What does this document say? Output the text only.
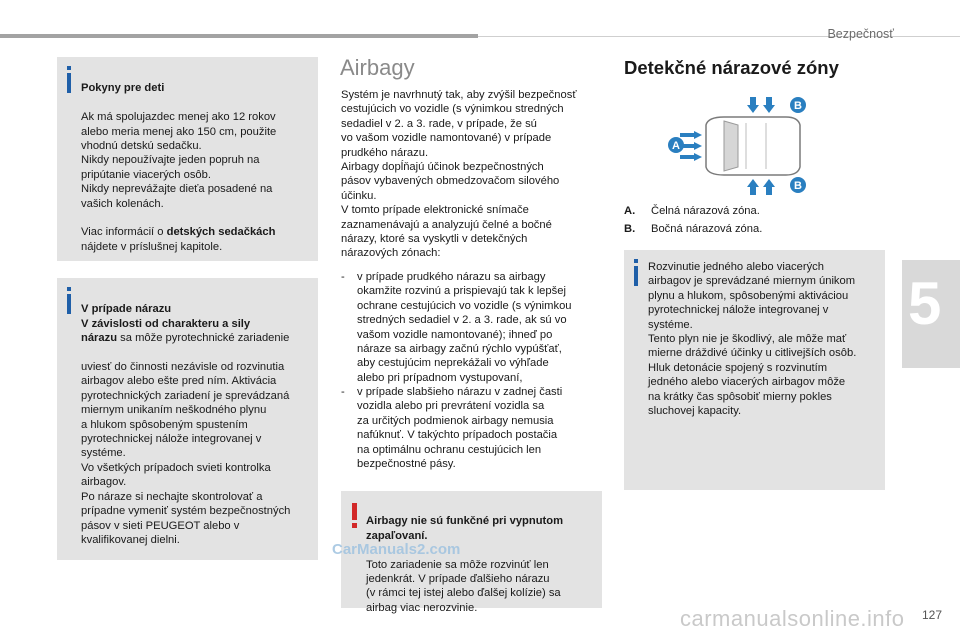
Bezpečnosť
5

Pokyny pre deti

Ak má spolujazdec menej ako 12 rokov
alebo meria menej ako 150 cm, použite
vhodnú detskú sedačku.
Nikdy nepoužívajte jeden popruh na
pripútanie viacerých osôb.
Nikdy neprevážajte dieťa posadené na
vašich kolenách.

Viac informácií o detských sedačkách
nájdete v príslušnej kapitole.

V prípade nárazu
V závislosti od charakteru a sily
nárazu sa môže pyrotechnické zariadenie

uviesť do činnosti nezávisle od rozvinutia
airbagov alebo ešte pred ním. Aktivácia
pyrotechnických zariadení je sprevádzaná
miernym unikaním neškodného plynu
a hlukom spôsobeným spustením
pyrotechnickej nálože integrovanej v
systéme.
Vo všetkých prípadoch svieti kontrolka
airbagov.
Po náraze si nechajte skontrolovať a
prípadne vymeniť systém bezpečnostných
pásov v sieti PEUGEOT alebo v
kvalifikovanej dielni.

Airbagy
Systém je navrhnutý tak, aby zvýšil bezpečnosť
cestujúcich vo vozidle (s výnimkou stredných
sedadiel v 2. a 3. rade, v prípade, že sú
vo vašom vozidle namontované) v prípade
prudkého nárazu.
Airbagy dopĺňajú účinok bezpečnostných
pásov vybavených obmedzovačom silového
účinku.
V tomto prípade elektronické snímače
zaznamenávajú a analyzujú čelné a bočné
nárazy, ktoré sa vyskytli v detekčných
nárazových zónach:
- v prípade prudkého nárazu sa airbagy
okamžite rozvinú a prispievajú tak k lepšej
ochrane cestujúcich vo vozidle (s výnimkou
stredných sedadiel v 2. a 3. rade, ak sú vo
vašom vozidle namontované); ihneď po
náraze sa airbagy začnú rýchlo vypúšťať,
aby cestujúcim neprekážali vo výhľade
alebo pri prípadnom vystupovaní,
- v prípade slabšieho nárazu v zadnej časti
vozidla alebo pri prevrátení vozidla sa
za určitých podmienok airbagy nemusia
nafúknuť. V takýchto prípadoch postačia
na optimálnu ochranu cestujúcich len
bezpečnostné pásy.

Airbagy nie sú funkčné pri vypnutom
zapaľovaní.

Toto zariadenie sa môže rozvinúť len
jedenkrát. V prípade ďalšieho nárazu
(v rámci tej istej alebo ďalšej kolízie) sa
airbag viac nerozvinie.

Detekčné nárazové zóny
A
B
B
A. Čelná nárazová zóna.
B. Bočná nárazová zóna.
Rozvinutie jedného alebo viacerých
airbagov je sprevádzané miernym únikom
plynu a hlukom, spôsobenými aktiváciou
pyrotechnickej nálože integrovanej v
systéme.
Tento plyn nie je škodlivý, ale môže mať
mierne dráždivé účinky u citlivejších osôb.
Hluk detonácie spojený s rozvinutím
jedného alebo viacerých airbagov môže
na krátky čas spôsobiť mierny pokles
sluchovej kapacity.
127
CarManuals2.com
carmanualsonline.info
